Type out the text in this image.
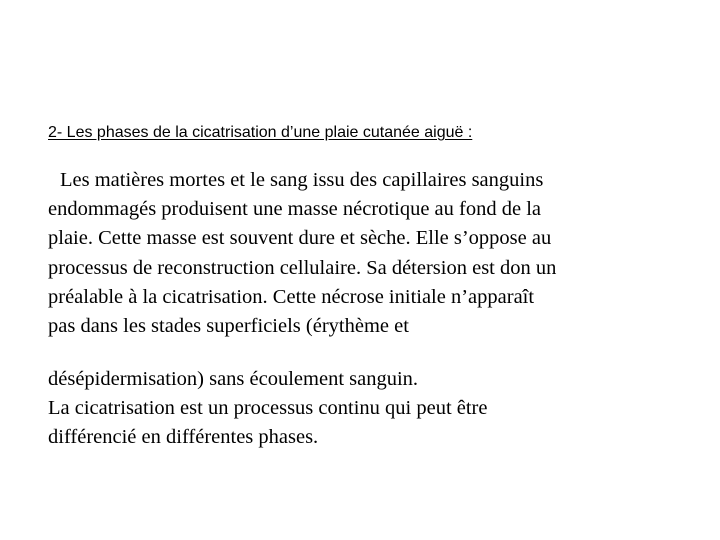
2- Les phases de la cicatrisation d’une plaie cutanée aiguë :

Les matières mortes et le sang issu des capillaires sanguins
endommagés produisent une masse nécrotique au fond de la
plaie. Cette masse est souvent dure et sèche. Elle s’oppose au
processus de reconstruction cellulaire. Sa détersion est don un
préalable à la cicatrisation. Cette nécrose initiale n’apparaît
pas dans les stades superficiels (érythème et

désépidermisation) sans écoulement sanguin.
La cicatrisation est un processus continu qui peut être
différencié en différentes phases.
